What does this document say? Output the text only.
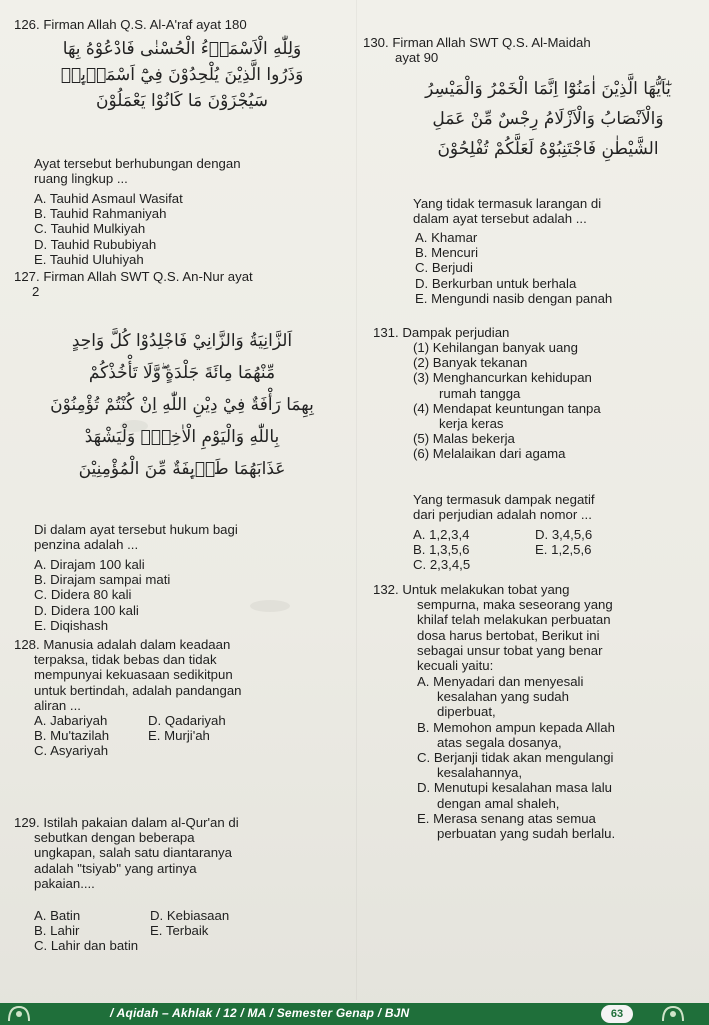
126. Firman Allah Q.S. Al-A'raf ayat 180
وَلِلّٰهِ الْاَسْمَاۤءُ الْحُسْنٰى فَادْعُوْهُ بِهَا
وَذَرُوا الَّذِيْنَ يُلْحِدُوْنَ فِيْٓ اَسْمَاۤىِٕهٖ
سَيُجْزَوْنَ مَا كَانُوْا يَعْمَلُوْنَ
Ayat tersebut berhubungan dengan
ruang lingkup ...
A. Tauhid Asmaul Wasifat
B. Tauhid Rahmaniyah
C. Tauhid Mulkiyah
D. Tauhid Rububiyah
E. Tauhid Uluhiyah
127. Firman Allah SWT Q.S. An-Nur ayat
2
اَلزَّانِيَةُ وَالزَّانِيْ فَاجْلِدُوْا كُلَّ وَاحِدٍ
مِّنْهُمَا مِائَةَ جَلْدَةٍ ۖوَّلَا تَأْخُذْكُمْ
بِهِمَا رَأْفَةٌ فِيْ دِيْنِ اللّٰهِ اِنْ كُنْتُمْ تُؤْمِنُوْنَ
بِاللّٰهِ وَالْيَوْمِ الْاٰخِرِۚ وَلْيَشْهَدْ
عَذَابَهُمَا طَاۤىِٕفَةٌ مِّنَ الْمُؤْمِنِيْنَ
Di dalam ayat tersebut hukum bagi
penzina adalah ...
A. Dirajam 100 kali
B. Dirajam sampai mati
C. Didera 80 kali
D. Didera 100 kali
E. Diqishash
128. Manusia adalah dalam keadaan
terpaksa, tidak bebas dan tidak
mempunyai kekuasaan sedikitpun
untuk bertindah, adalah pandangan
aliran ...
A. Jabariyah	D. Qadariyah
B. Mu'tazilah	E. Murji'ah
C. Asyariyah
129. Istilah pakaian dalam al-Qur'an di
sebutkan dengan beberapa
ungkapan, salah satu diantaranya
adalah "tsiyab" yang artinya
pakaian....
A. Batin	D. Kebiasaan
B. Lahir	E. Terbaik
C. Lahir dan batin
130. Firman Allah SWT Q.S. Al-Maidah
ayat 90
يٰٓاَيُّهَا الَّذِيْنَ اٰمَنُوْٓا اِنَّمَا الْخَمْرُ وَالْمَيْسِرُ
وَالْاَنْصَابُ وَالْاَزْلَامُ رِجْسٌ مِّنْ عَمَلِ
الشَّيْطٰنِ فَاجْتَنِبُوْهُ لَعَلَّكُمْ تُفْلِحُوْنَ
Yang tidak termasuk larangan di
dalam ayat tersebut adalah ...
A. Khamar
B. Mencuri
C. Berjudi
D. Berkurban untuk berhala
E. Mengundi nasib dengan panah
131. Dampak perjudian
(1) Kehilangan banyak uang
(2) Banyak tekanan
(3) Menghancurkan kehidupan
rumah tangga
(4) Mendapat keuntungan tanpa
kerja keras
(5) Malas bekerja
(6) Melalaikan dari agama
Yang termasuk dampak negatif
dari perjudian adalah nomor ...
A. 1,2,3,4	D. 3,4,5,6
B. 1,3,5,6	E. 1,2,5,6
C. 2,3,4,5
132. Untuk melakukan tobat yang
sempurna, maka seseorang yang
khilaf telah melakukan perbuatan
dosa harus bertobat, Berikut ini
sebagai unsur tobat yang benar
kecuali yaitu:
A. Menyadari dan menyesali
kesalahan yang sudah
diperbuat,
B. Memohon ampun kepada Allah
atas segala dosanya,
C. Berjanji tidak akan mengulangi
kesalahannya,
D. Menutupi kesalahan masa lalu
dengan amal shaleh,
E. Merasa senang atas semua
perbuatan yang sudah berlalu.
/ Aqidah – Akhlak / 12 / MA / Semester Genap / BJN	63
